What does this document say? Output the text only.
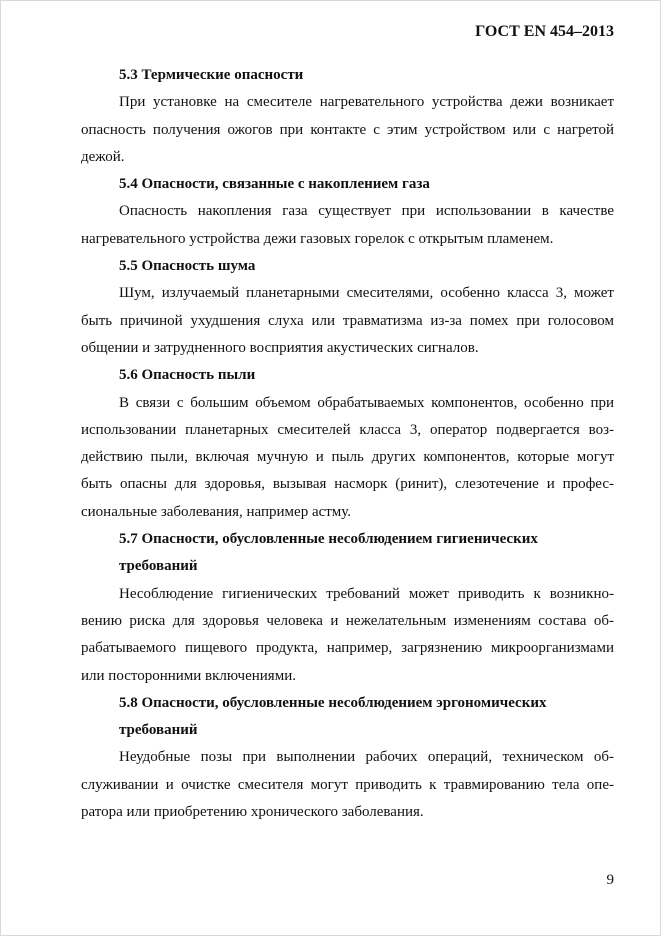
ГОСТ EN 454–2013
5.3 Термические опасности
При установке на смесителе нагревательного устройства дежи возникает
опасность получения ожогов при контакте с этим устройством или с нагретой
дежой.
5.4 Опасности, связанные с накоплением газа
Опасность накопления газа существует при использовании в качестве
нагревательного устройства дежи газовых горелок с открытым пламенем.
5.5 Опасность шума
Шум, излучаемый планетарными смесителями, особенно класса 3, может
быть причиной ухудшения слуха или травматизма из-за помех при голосовом
общении и затрудненного восприятия акустических сигналов.
5.6 Опасность пыли
В связи с большим объемом обрабатываемых компонентов, особенно при
использовании планетарных смесителей класса 3, оператор подвергается воз-
действию пыли, включая мучную и пыль других компонентов, которые могут
быть опасны для здоровья, вызывая насморк (ринит), слезотечение и профес-
сиональные заболевания, например астму.
5.7 Опасности, обусловленные несоблюдением гигиенических
требований
Несоблюдение гигиенических требований может приводить к возникно-
вению риска для здоровья человека и нежелательным изменениям состава об-
рабатываемого пищевого продукта, например, загрязнению микроорганизмами
или посторонними включениями.
5.8 Опасности, обусловленные несоблюдением эргономических
требований
Неудобные позы при выполнении рабочих операций, техническом об-
служивании и очистке смесителя могут приводить к травмированию тела опе-
ратора или приобретению хронического заболевания.
9
